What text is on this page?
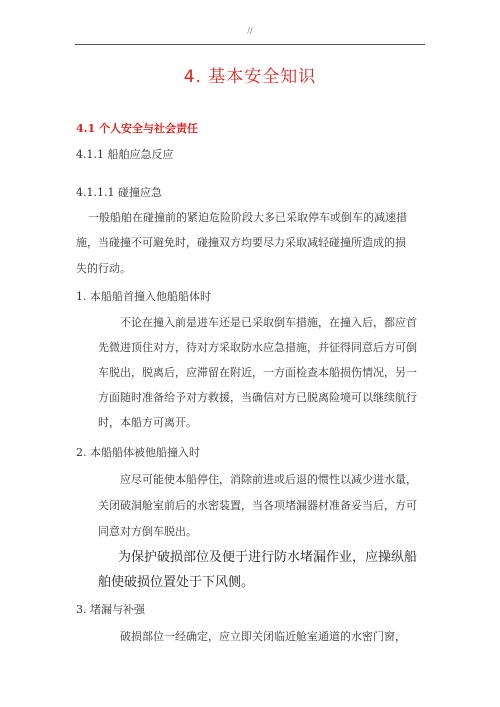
//
4. 基本安全知识
4.1 个人安全与社会责任
4.1.1 船舶应急反应
4.1.1.1 碰撞应急
一般船舶在碰撞前的紧迫危险阶段大多已采取停车或倒车的减速措
施，当碰撞不可避免时，碰撞双方均要尽力采取减轻碰撞所造成的损
失的行动。
1. 本船船首撞入他船船体时
不论在撞入前是进车还是已采取倒车措施，在撞入后，都应首
先微进顶住对方，待对方采取防水应急措施，并征得同意后方可倒
车脱出，脱离后，应滞留在附近，一方面检查本船损伤情况，另一
方面随时准备给予对方救援，当确信对方已脱离险境可以继续航行
时，本船方可离开。
2. 本船船体被他船撞入时
应尽可能使本船停住，消除前进或后退的惯性以减少进水量，
关闭破洞舱室前后的水密装置，当各项堵漏器材准备妥当后，方可
同意对方倒车脱出。
为保护破损部位及便于进行防水堵漏作业，应操纵船
舶使破损位置处于下风侧。
3. 堵漏与补强
破损部位一经确定，应立即关闭临近舱室通道的水密门窗，
